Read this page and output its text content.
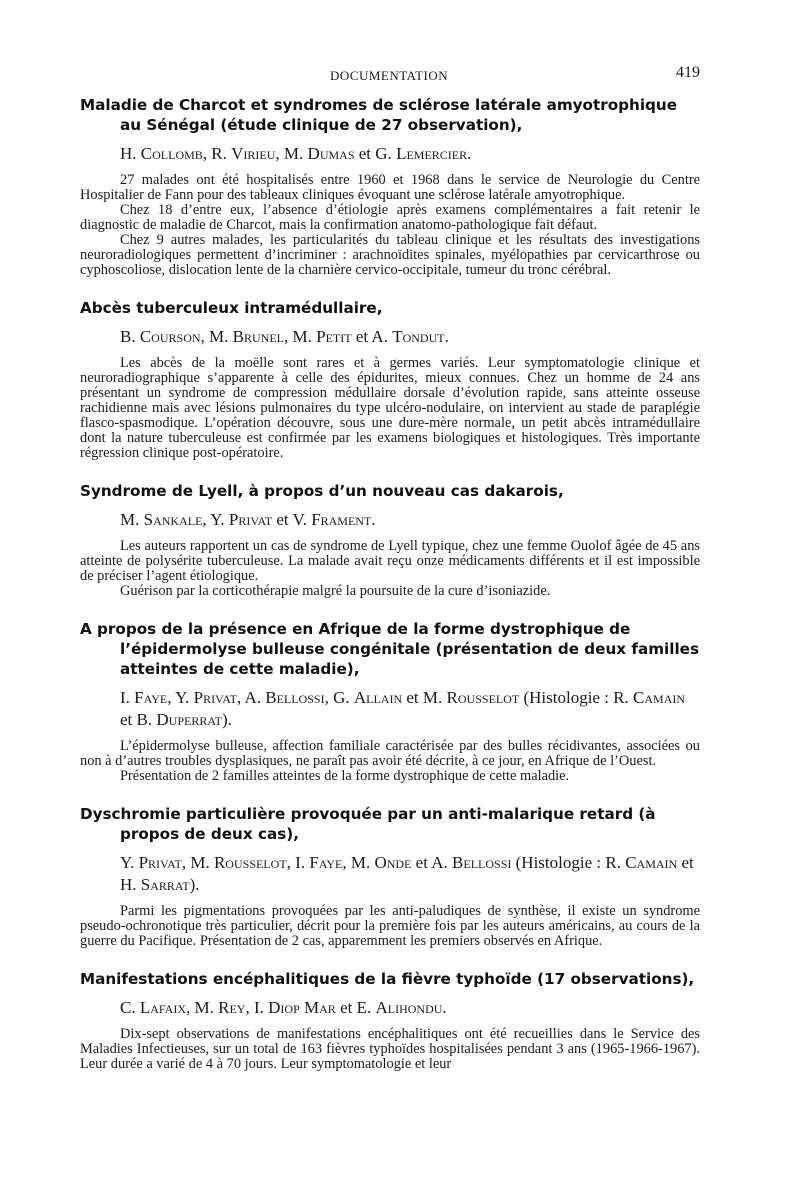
DOCUMENTATION	419

Maladie de Charcot et syndromes de sclérose latérale amyotrophique au Sénégal (étude clinique de 27 observation),

H. Collomb, R. Virieu, M. Dumas et G. Lemercier.

27 malades ont été hospitalisés entre 1960 et 1968 dans le service de Neurologie du Centre Hospitalier de Fann pour des tableaux cliniques évoquant une sclérose latérale amyotrophique.

Chez 18 d’entre eux, l’absence d’étiologie après examens complémentaires a fait retenir le diagnostic de maladie de Charcot, mais la confirmation anatomo-pathologique fait défaut.

Chez 9 autres malades, les particularités du tableau clinique et les résultats des investigations neuroradiologiques permettent d’incriminer : arachnoïdites spinales, myélopathies par cervicarthrose ou cyphoscoliose, dislocation lente de la charnière cervico-occipitale, tumeur du tronc cérébral.

Abcès tuberculeux intramédullaire,

B. Courson, M. Brunel, M. Petit et A. Tondut.

Les abcès de la moëlle sont rares et à germes variés. Leur symptomatologie clinique et neuroradiographique s’apparente à celle des épidurites, mieux connues. Chez un homme de 24 ans présentant un syndrome de compression médullaire dorsale d’évolution rapide, sans atteinte osseuse rachidienne mais avec lésions pulmonaires du type ulcéro-nodulaire, on intervient au stade de paraplégie flasco-spasmodique. L’opération découvre, sous une dure-mère normale, un petit abcès intramédullaire dont la nature tuberculeuse est confirmée par les examens biologiques et histologiques. Très importante régression clinique post-opératoire.

Syndrome de Lyell, à propos d’un nouveau cas dakarois,

M. Sankale, Y. Privat et V. Frament.

Les auteurs rapportent un cas de syndrome de Lyell typique, chez une femme Ouolof âgée de 45 ans atteinte de polysérite tuberculeuse. La malade avait reçu onze médicaments différents et il est impossible de préciser l’agent étiologique.

Guérison par la corticothérapie malgré la poursuite de la cure d’isoniazide.

A propos de la présence en Afrique de la forme dystrophique de l’épidermolyse bulleuse congénitale (présentation de deux familles atteintes de cette maladie),

I. Faye, Y. Privat, A. Bellossi, G. Allain et M. Rousselot (Histologie : R. Camain et B. Duperrat).

L’épidermolyse bulleuse, affection familiale caractérisée par des bulles récidivantes, associées ou non à d’autres troubles dysplasiques, ne paraît pas avoir été décrite, à ce jour, en Afrique de l’Ouest.

Présentation de 2 familles atteintes de la forme dystrophique de cette maladie.

Dyschromie particulière provoquée par un anti-malarique retard (à propos de deux cas),

Y. Privat, M. Rousselot, I. Faye, M. Onde et A. Bellossi (Histologie : R. Camain et H. Sarrat).

Parmi les pigmentations provoquées par les anti-paludiques de synthèse, il existe un syndrome pseudo-ochronotique très particulier, décrit pour la première fois par les auteurs américains, au cours de la guerre du Pacifique. Présentation de 2 cas, apparemment les premiers observés en Afrique.

Manifestations encéphalitiques de la fièvre typhoïde (17 observations),

C. Lafaix, M. Rey, I. Diop Mar et E. Alihondu.

Dix-sept observations de manifestations encéphalitiques ont été recueillies dans le Service des Maladies Infectieuses, sur un total de 163 fièvres typhoïdes hospitalisées pendant 3 ans (1965-1966-1967). Leur durée a varié de 4 à 70 jours. Leur symptomatologie et leur
